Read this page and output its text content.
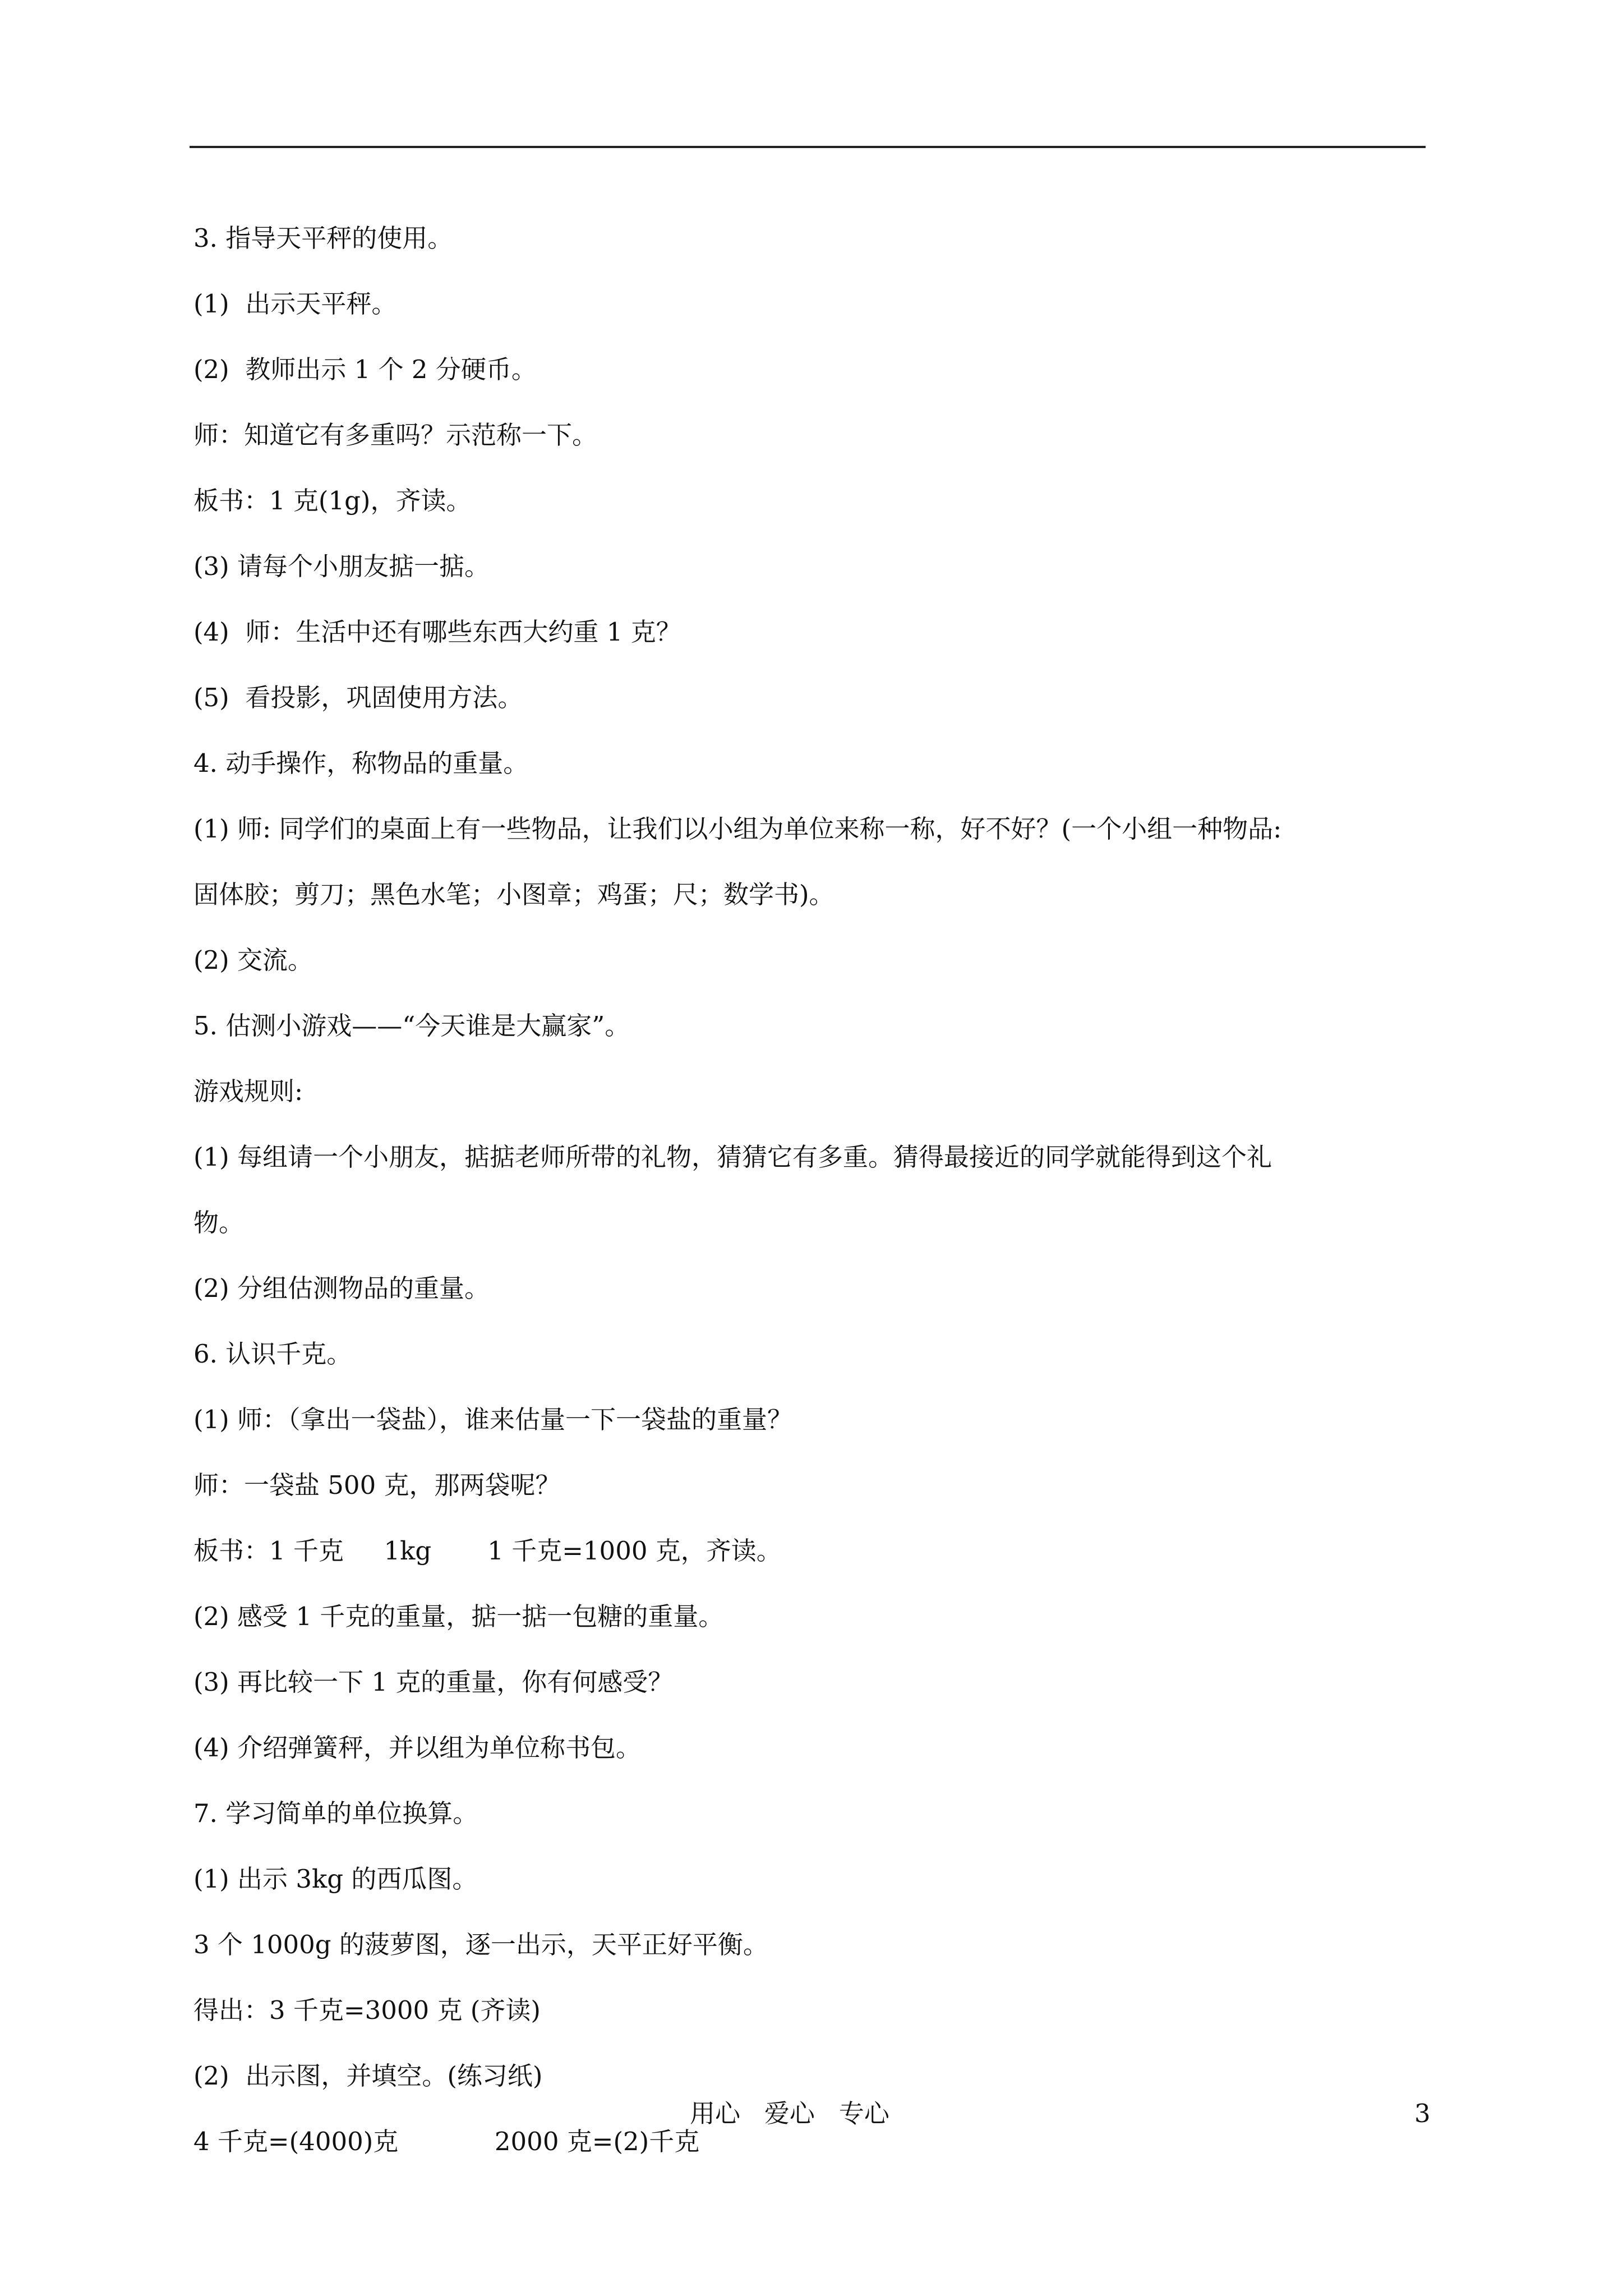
3. 指导天平秤的使用。
(1)  出示天平秤。
(2)  教师出示 1 个 2 分硬币。
师：知道它有多重吗？示范称一下。
板书：1 克(1g)，齐读。
(3) 请每个小朋友掂一掂。
(4)  师：生活中还有哪些东西大约重 1 克？
(5)  看投影，巩固使用方法。
4. 动手操作，称物品的重量。
(1) 师: 同学们的桌面上有一些物品，让我们以小组为单位来称一称，好不好？(一个小组一种物品:
固体胶；剪刀；黑色水笔；小图章；鸡蛋；尺；数学书)。
(2) 交流。
5. 估测小游戏——“今天谁是大赢家”。
游戏规则:
(1) 每组请一个小朋友，掂掂老师所带的礼物，猜猜它有多重。猜得最接近的同学就能得到这个礼
物。
(2) 分组估测物品的重量。
6. 认识千克。
(1) 师：（拿出一袋盐），谁来估量一下一袋盐的重量？
师：一袋盐 500 克，那两袋呢？
板书：1 千克     1kg       1 千克=1000 克，齐读。
(2) 感受 1 千克的重量，掂一掂一包糖的重量。
(3) 再比较一下 1 克的重量，你有何感受？
(4) 介绍弹簧秤，并以组为单位称书包。
7. 学习简单的单位换算。
(1) 出示 3kg 的西瓜图。
3 个 1000g 的菠萝图，逐一出示，天平正好平衡。
得出：3 千克=3000 克 (齐读)
(2)  出示图，并填空。(练习纸)
4 千克=(4000)克            2000 克=(2)千克
用心   爱心   专心	3
